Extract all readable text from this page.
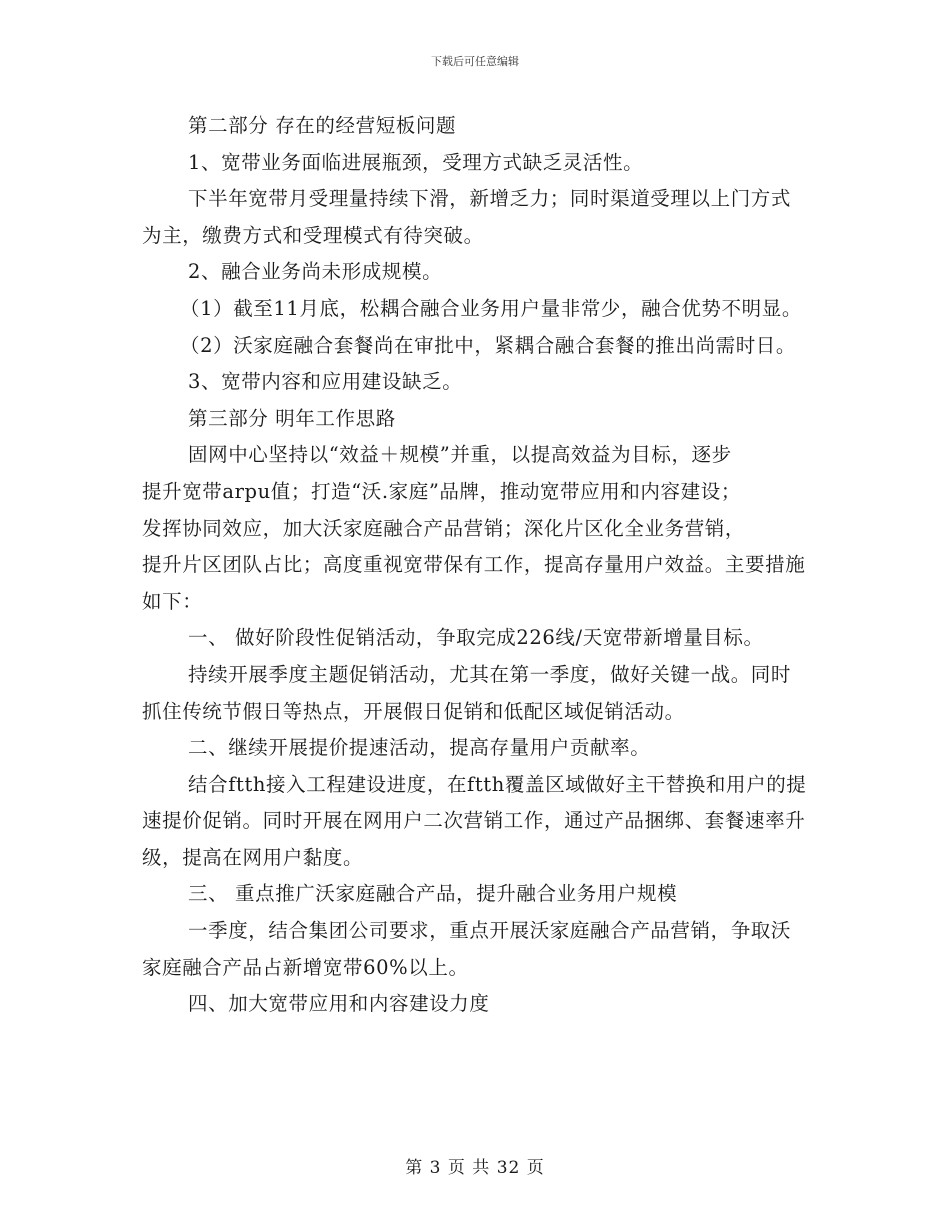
下载后可任意编辑

第二部分 存在的经营短板问题

1、宽带业务面临进展瓶颈，受理方式缺乏灵活性。

下半年宽带月受理量持续下滑，新增乏力；同时渠道受理以上门方式为主，缴费方式和受理模式有待突破。

2、融合业务尚未形成规模。

（1）截至11月底，松耦合融合业务用户量非常少，融合优势不明显。

（2）沃家庭融合套餐尚在审批中，紧耦合融合套餐的推出尚需时日。

3、宽带内容和应用建设缺乏。

第三部分 明年工作思路

固网中心坚持以“效益＋规模”并重，以提高效益为目标，逐步

提升宽带arpu值；打造“沃.家庭”品牌，推动宽带应用和内容建设；

发挥协同效应，加大沃家庭融合产品营销；深化片区化全业务营销，

提升片区团队占比；高度重视宽带保有工作，提高存量用户效益。主要措施如下：

一、 做好阶段性促销活动，争取完成226线/天宽带新增量目标。

持续开展季度主题促销活动，尤其在第一季度，做好关键一战。同时抓住传统节假日等热点，开展假日促销和低配区域促销活动。

二、继续开展提价提速活动，提高存量用户贡献率。

结合ftth接入工程建设进度，在ftth覆盖区域做好主干替换和用户的提速提价促销。同时开展在网用户二次营销工作，通过产品捆绑、套餐速率升级，提高在网用户黏度。

三、 重点推广沃家庭融合产品，提升融合业务用户规模

一季度，结合集团公司要求，重点开展沃家庭融合产品营销，争取沃家庭融合产品占新增宽带60%以上。

四、加大宽带应用和内容建设力度

第 3 页 共 32 页
